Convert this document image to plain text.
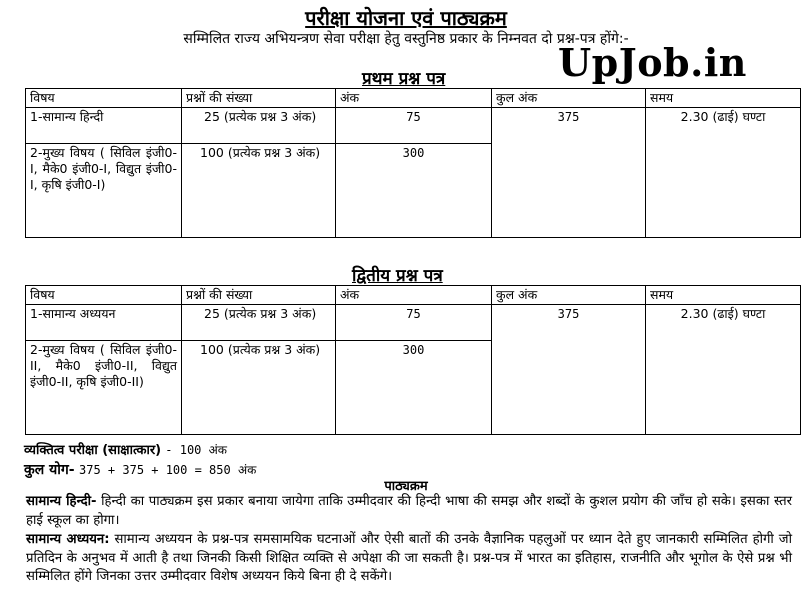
परीक्षा योजना एवं पाठ्यक्रम
सम्मिलित राज्य अभियन्त्रण सेवा परीक्षा हेतु वस्तुनिष्ठ प्रकार के निम्नवत दो प्रश्न-पत्र होंगे:-
UpJob.in
प्रथम प्रश्न पत्र
विषय	प्रश्नों की संख्या	अंक	कुल अंक	समय
1-सामान्य हिन्दी	25 (प्रत्येक प्रश्न 3 अंक)	75	375	2.30 (ढाई) घण्टा
2-मुख्य विषय ( सिविल इंजी0-I, मैके0 इंजी0-I, विद्युत इंजी0-I, कृषि इंजी0-I)	100 (प्रत्येक प्रश्न 3 अंक)	300		
द्वितीय प्रश्न पत्र
विषय	प्रश्नों की संख्या	अंक	कुल अंक	समय
1-सामान्य अध्ययन	25 (प्रत्येक प्रश्न 3 अंक)	75	375	2.30 (ढाई) घण्टा
2-मुख्य विषय ( सिविल इंजी0-II, मैके0 इंजी0-II, विद्युत इंजी0-II, कृषि इंजी0-II)	100 (प्रत्येक प्रश्न 3 अंक)	300		
व्यक्तित्व परीक्षा (साक्षात्कार) - 100 अंक
कुल योग- 375 + 375 + 100 = 850 अंक
पाठ्यक्रम
सामान्य हिन्दी- हिन्दी का पाठ्यक्रम इस प्रकार बनाया जायेगा ताकि उम्मीदवार की हिन्दी भाषा की समझ और शब्दों के कुशल प्रयोग की जाँच हो सके। इसका स्तर हाई स्कूल का होगा।
सामान्य अध्ययन: सामान्य अध्ययन के प्रश्न-पत्र समसामयिक घटनाओं और ऐसी बातों की उनके वैज्ञानिक पहलुओं पर ध्यान देते हुए जानकारी सम्मिलित होगी जो प्रतिदिन के अनुभव में आती है तथा जिनकी किसी शिक्षित व्यक्ति से अपेक्षा की जा सकती है। प्रश्न-पत्र में भारत का इतिहास, राजनीति और भूगोल के ऐसे प्रश्न भी सम्मिलित होंगे जिनका उत्तर उम्मीदवार विशेष अध्ययन किये बिना ही दे सकेंगे।
